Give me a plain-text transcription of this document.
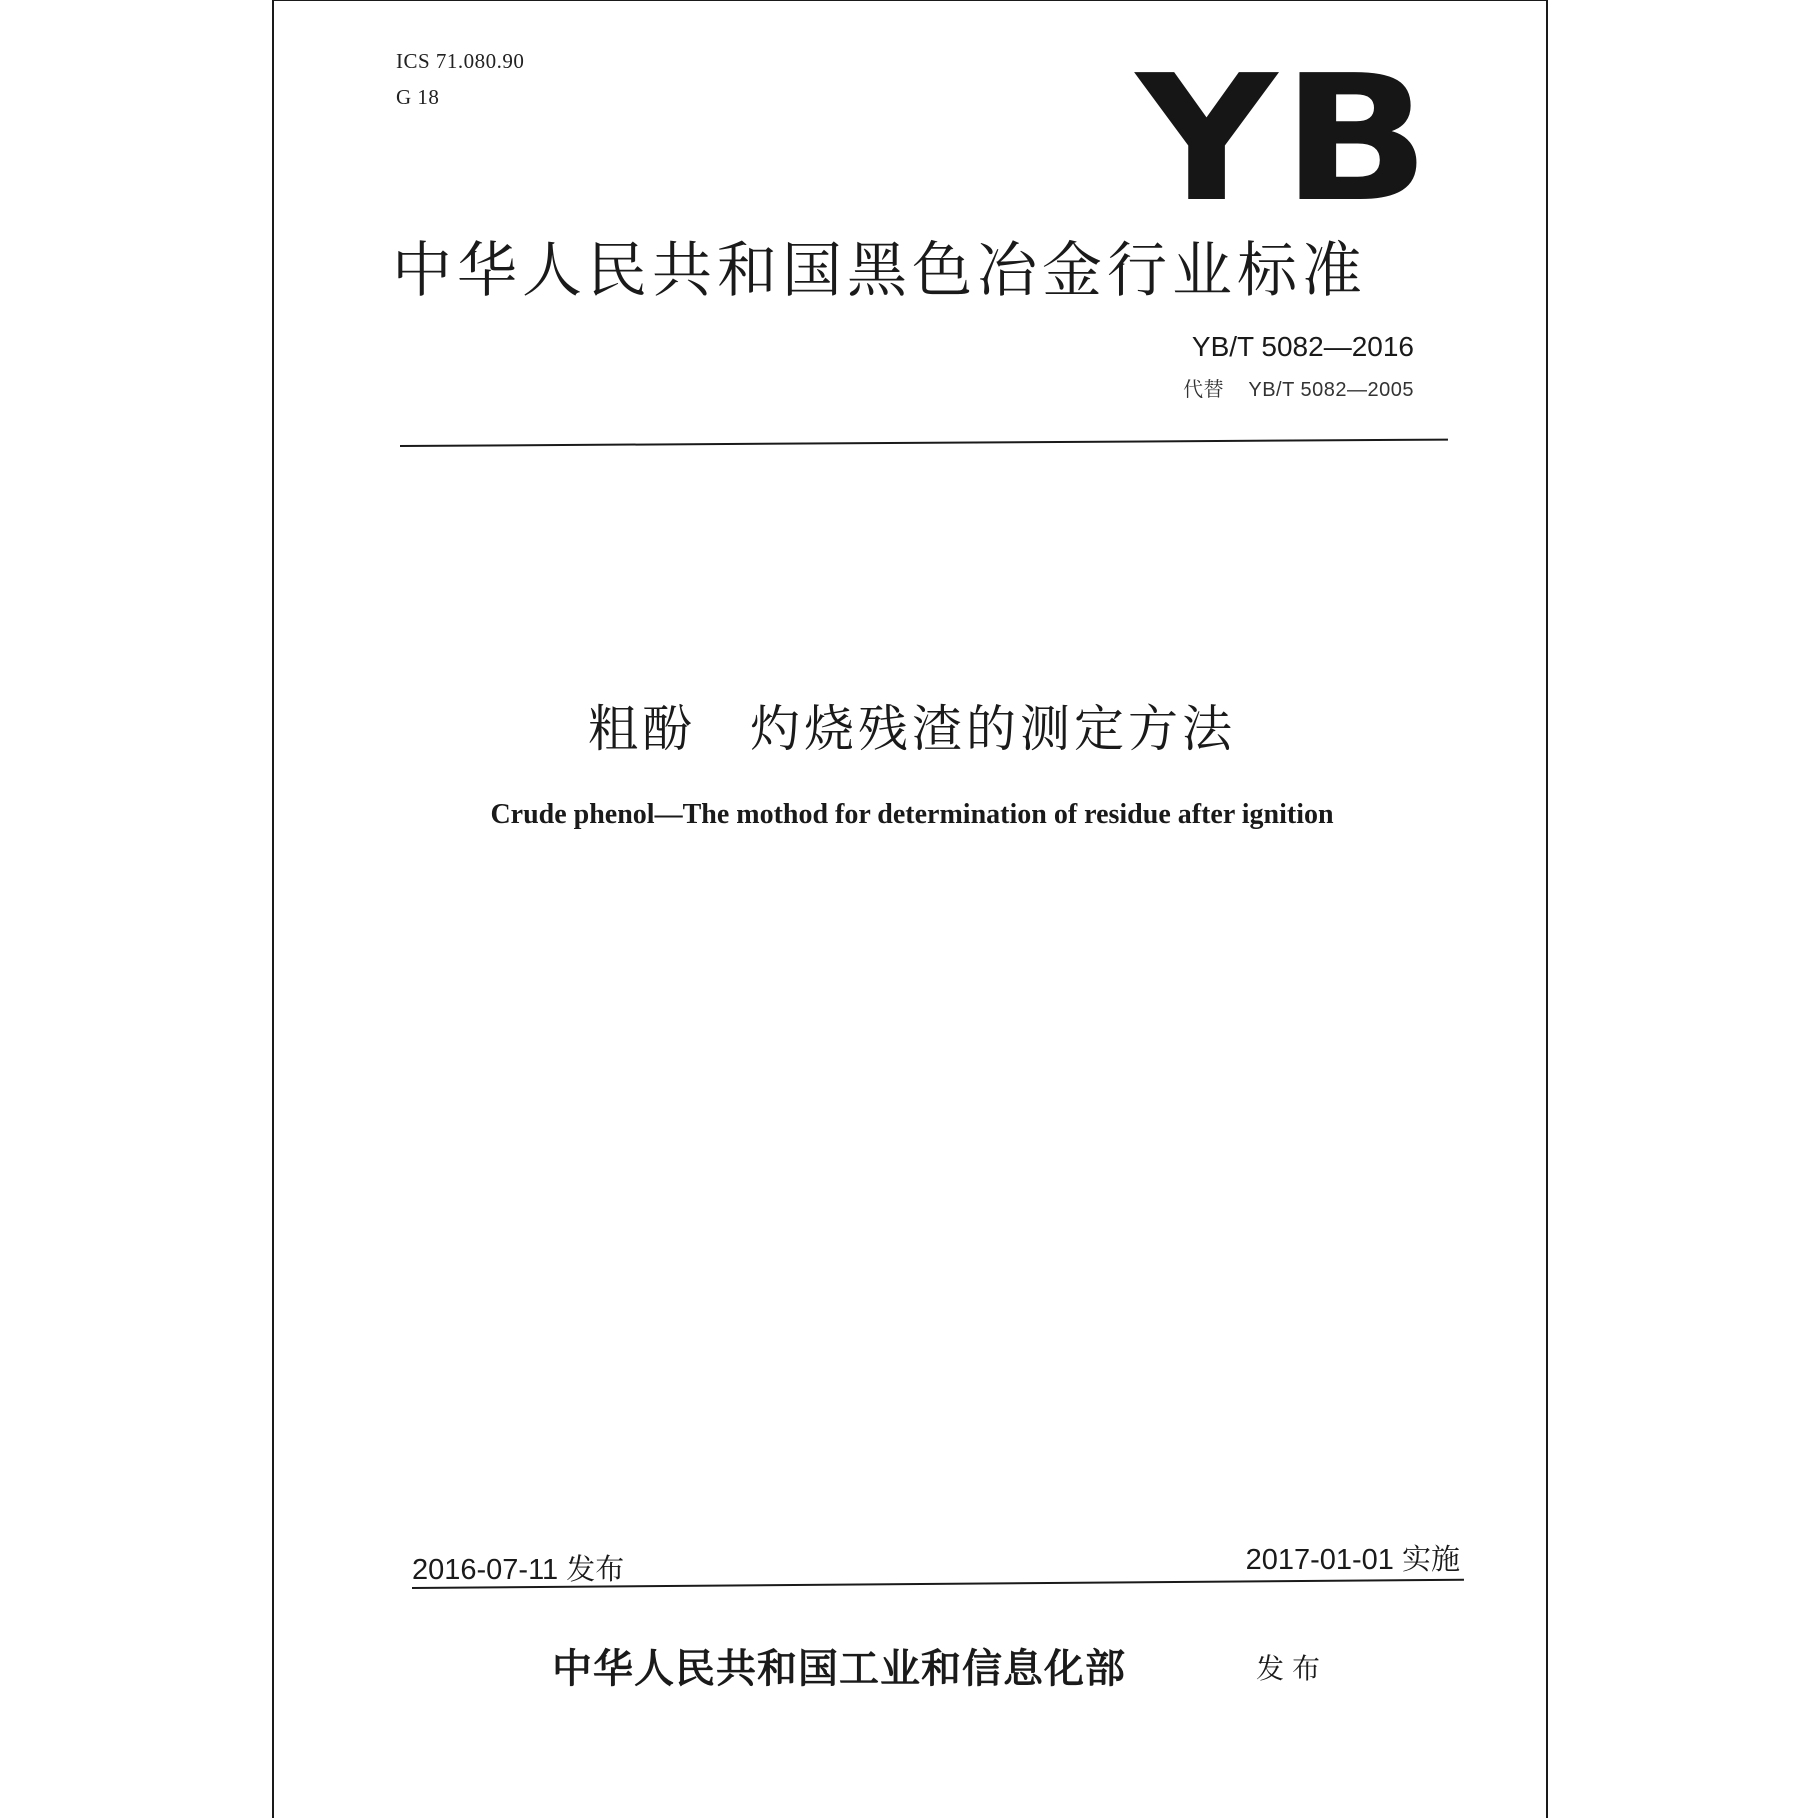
ICS 71.080.90
G 18	YB
中华人民共和国黑色冶金行业标准
YB/T 5082—2016
代替 YB/T 5082—2005
粗酚　灼烧残渣的测定方法
Crude phenol—The mothod for determination of residue after ignition
2016-07-11 发布	2017-01-01 实施
中华人民共和国工业和信息化部	发布
